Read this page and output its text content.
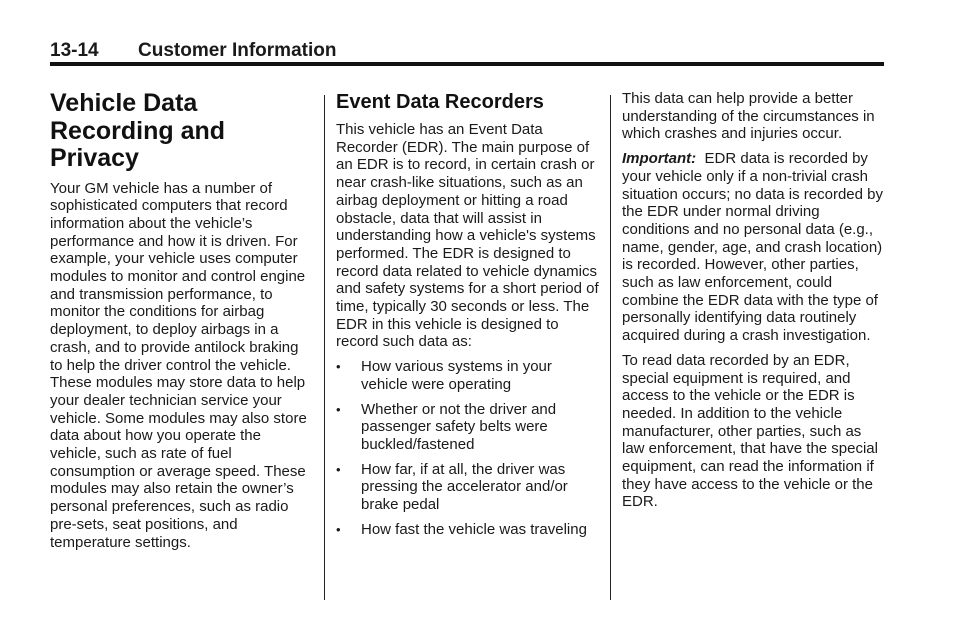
13-14 Customer Information
Vehicle Data Recording and Privacy

Your GM vehicle has a number of sophisticated computers that record information about the vehicle’s performance and how it is driven. For example, your vehicle uses computer modules to monitor and control engine and transmission performance, to monitor the conditions for airbag deployment, to deploy airbags in a crash, and to provide antilock braking to help the driver control the vehicle. These modules may store data to help your dealer technician service your vehicle. Some modules may also store data about how you operate the vehicle, such as rate of fuel consumption or average speed. These modules may also retain the owner’s personal preferences, such as radio pre-sets, seat positions, and temperature settings.

Event Data Recorders

This vehicle has an Event Data Recorder (EDR). The main purpose of an EDR is to record, in certain crash or near crash-like situations, such as an airbag deployment or hitting a road obstacle, data that will assist in understanding how a vehicle's systems performed. The EDR is designed to record data related to vehicle dynamics and safety systems for a short period of time, typically 30 seconds or less. The EDR in this vehicle is designed to record such data as:

• How various systems in your vehicle were operating
• Whether or not the driver and passenger safety belts were buckled/fastened
• How far, if at all, the driver was pressing the accelerator and/or brake pedal
• How fast the vehicle was traveling

This data can help provide a better understanding of the circumstances in which crashes and injuries occur.

Important: EDR data is recorded by your vehicle only if a non-trivial crash situation occurs; no data is recorded by the EDR under normal driving conditions and no personal data (e.g., name, gender, age, and crash location) is recorded. However, other parties, such as law enforcement, could combine the EDR data with the type of personally identifying data routinely acquired during a crash investigation.

To read data recorded by an EDR, special equipment is required, and access to the vehicle or the EDR is needed. In addition to the vehicle manufacturer, other parties, such as law enforcement, that have the special equipment, can read the information if they have access to the vehicle or the EDR.
